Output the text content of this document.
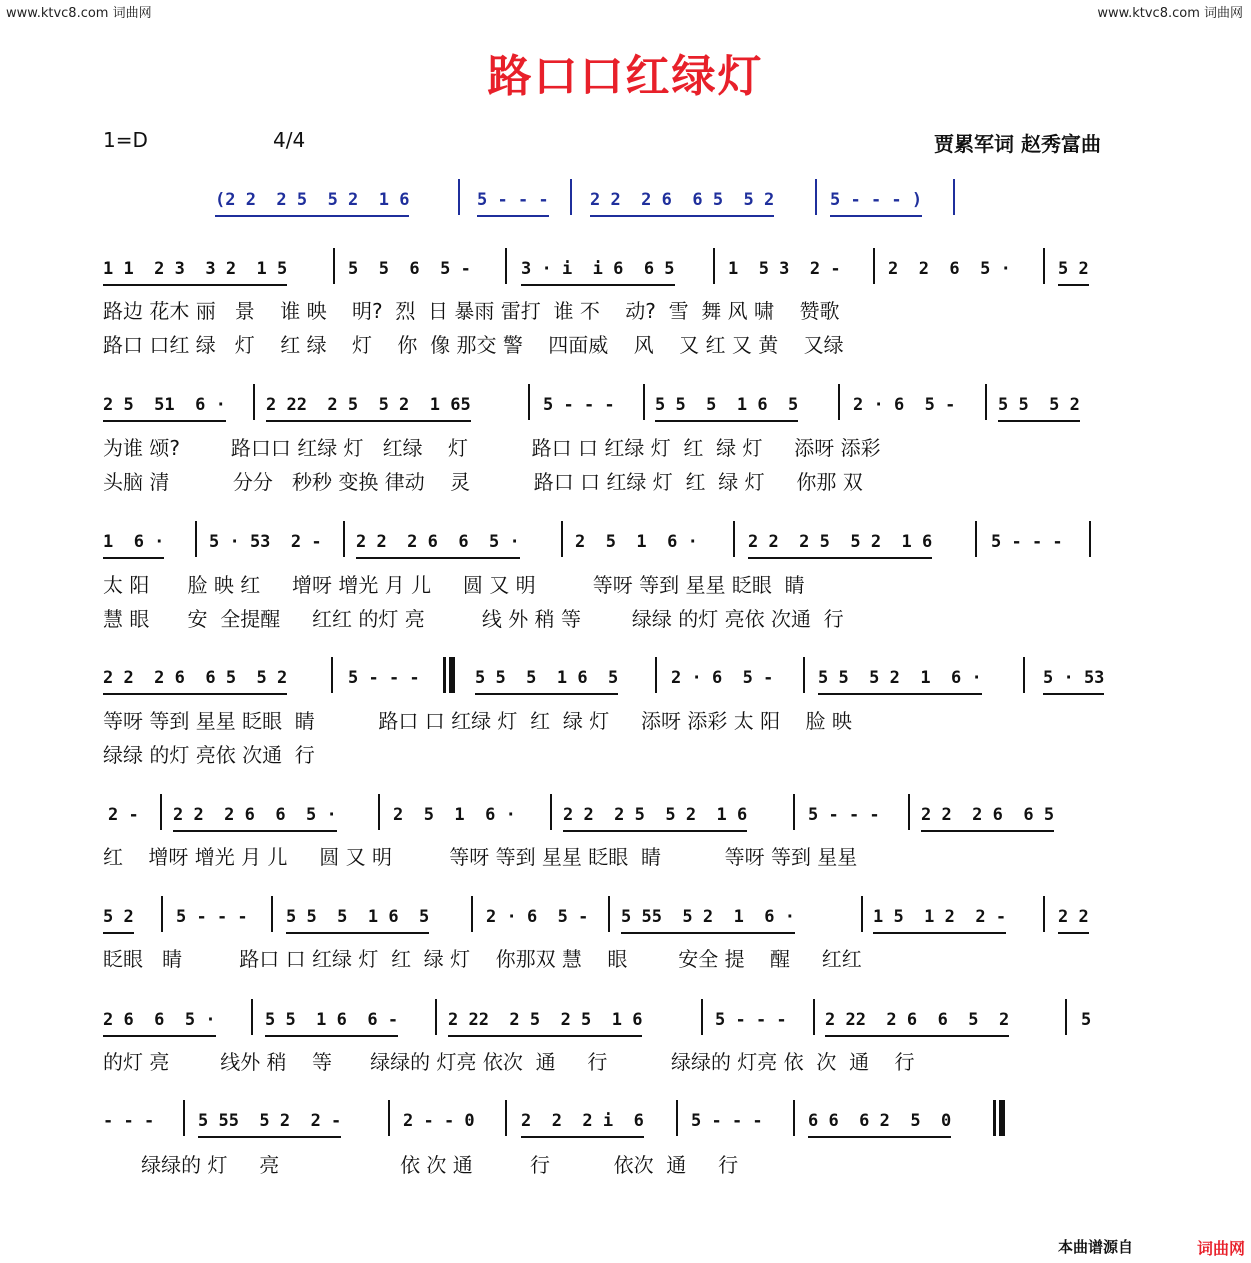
www.ktvc8.com 词曲网	www.ktvc8.com 词曲网
路口口红绿灯
1=D	4/4	贾累军词 赵秀富曲
(2 2  2 5  5 2  1 6	5 - - - 2 2  2 6  6 5  5 2	5 - - - )
1 1  2 3  3 2  1 5	5  5  6  5 -	3 · i  i 6  6 5	1  5 3  2 -	2  2  6  5 ·	5 2
路边 花木 丽   景    谁 映    明?  烈  日 暴雨 雷打  谁 不    动?  雪  舞 风 啸    赞歌
路口 口红 绿   灯    红 绿    灯    你  像 那交 警    四面威    风    又 红 又 黄    又绿
2 5  51  6 · 2 22  2 5  5 2  1 65	5 - - - 5 5  5  1 6  5	2 · 6  5 -	5 5  5 2
为谁 颂?        路口口 红绿 灯   红绿    灯          路口 口 红绿 灯  红  绿 灯     添呀 添彩
头脑 清          分分   秒秒 变换 律动    灵          路口 口 红绿 灯  红  绿 灯     你那 双
1  6 ·	5 · 53  2 - 2 2  2 6  6  5 ·	2  5  1  6 ·	2 2  2 5  5 2  1 6	5 - - -
太 阳      脸 映 红     增呀 增光 月 儿     圆 又 明         等呀 等到 星星 眨眼  睛
慧 眼      安  全提醒     红红 的灯 亮         线 外 稍 等        绿绿 的灯 亮依 次通  行
2 2  2 6  6 5  5 2	5 - - -	5 5  5  1 6  5	2 · 6  5 -	5 5  5 2  1  6 ·	5 · 53
等呀 等到 星星 眨眼  睛          路口 口 红绿 灯  红  绿 灯     添呀 添彩 太 阳    脸 映
绿绿 的灯 亮依 次通  行
2 - 2 2  2 6  6  5 ·	2  5  1  6 ·	2 2  2 5  5 2  1 6	5 - - - 2 2  2 6  6 5
红    增呀 增光 月 儿     圆 又 明         等呀 等到 星星 眨眼  睛          等呀 等到 星星
5 2 5 - - - 5 5  5  1 6  5	2 · 6  5 - 5 55  5 2  1  6 ·	1 5  1 2  2 -	2 2
眨眼   睛         路口 口 红绿 灯  红  绿 灯    你那双 慧    眼        安全 提    醒     红红
2 6  6  5 ·	5 5  1 6  6 -	2 22  2 5  2 5  1 6	5 - - - 2 22  2 6  6  5  2	5
的灯 亮        线外 稍    等      绿绿的 灯亮 依次  通     行          绿绿的 灯亮 依  次  通    行
- - -	5 55  5 2  2 -	2 - - 0	2  2  2 i  6	5 - - -	6 6  6 2  5  0
绿绿的 灯     亮                   依 次 通         行          依次  通     行
本曲谱源自	词曲网
